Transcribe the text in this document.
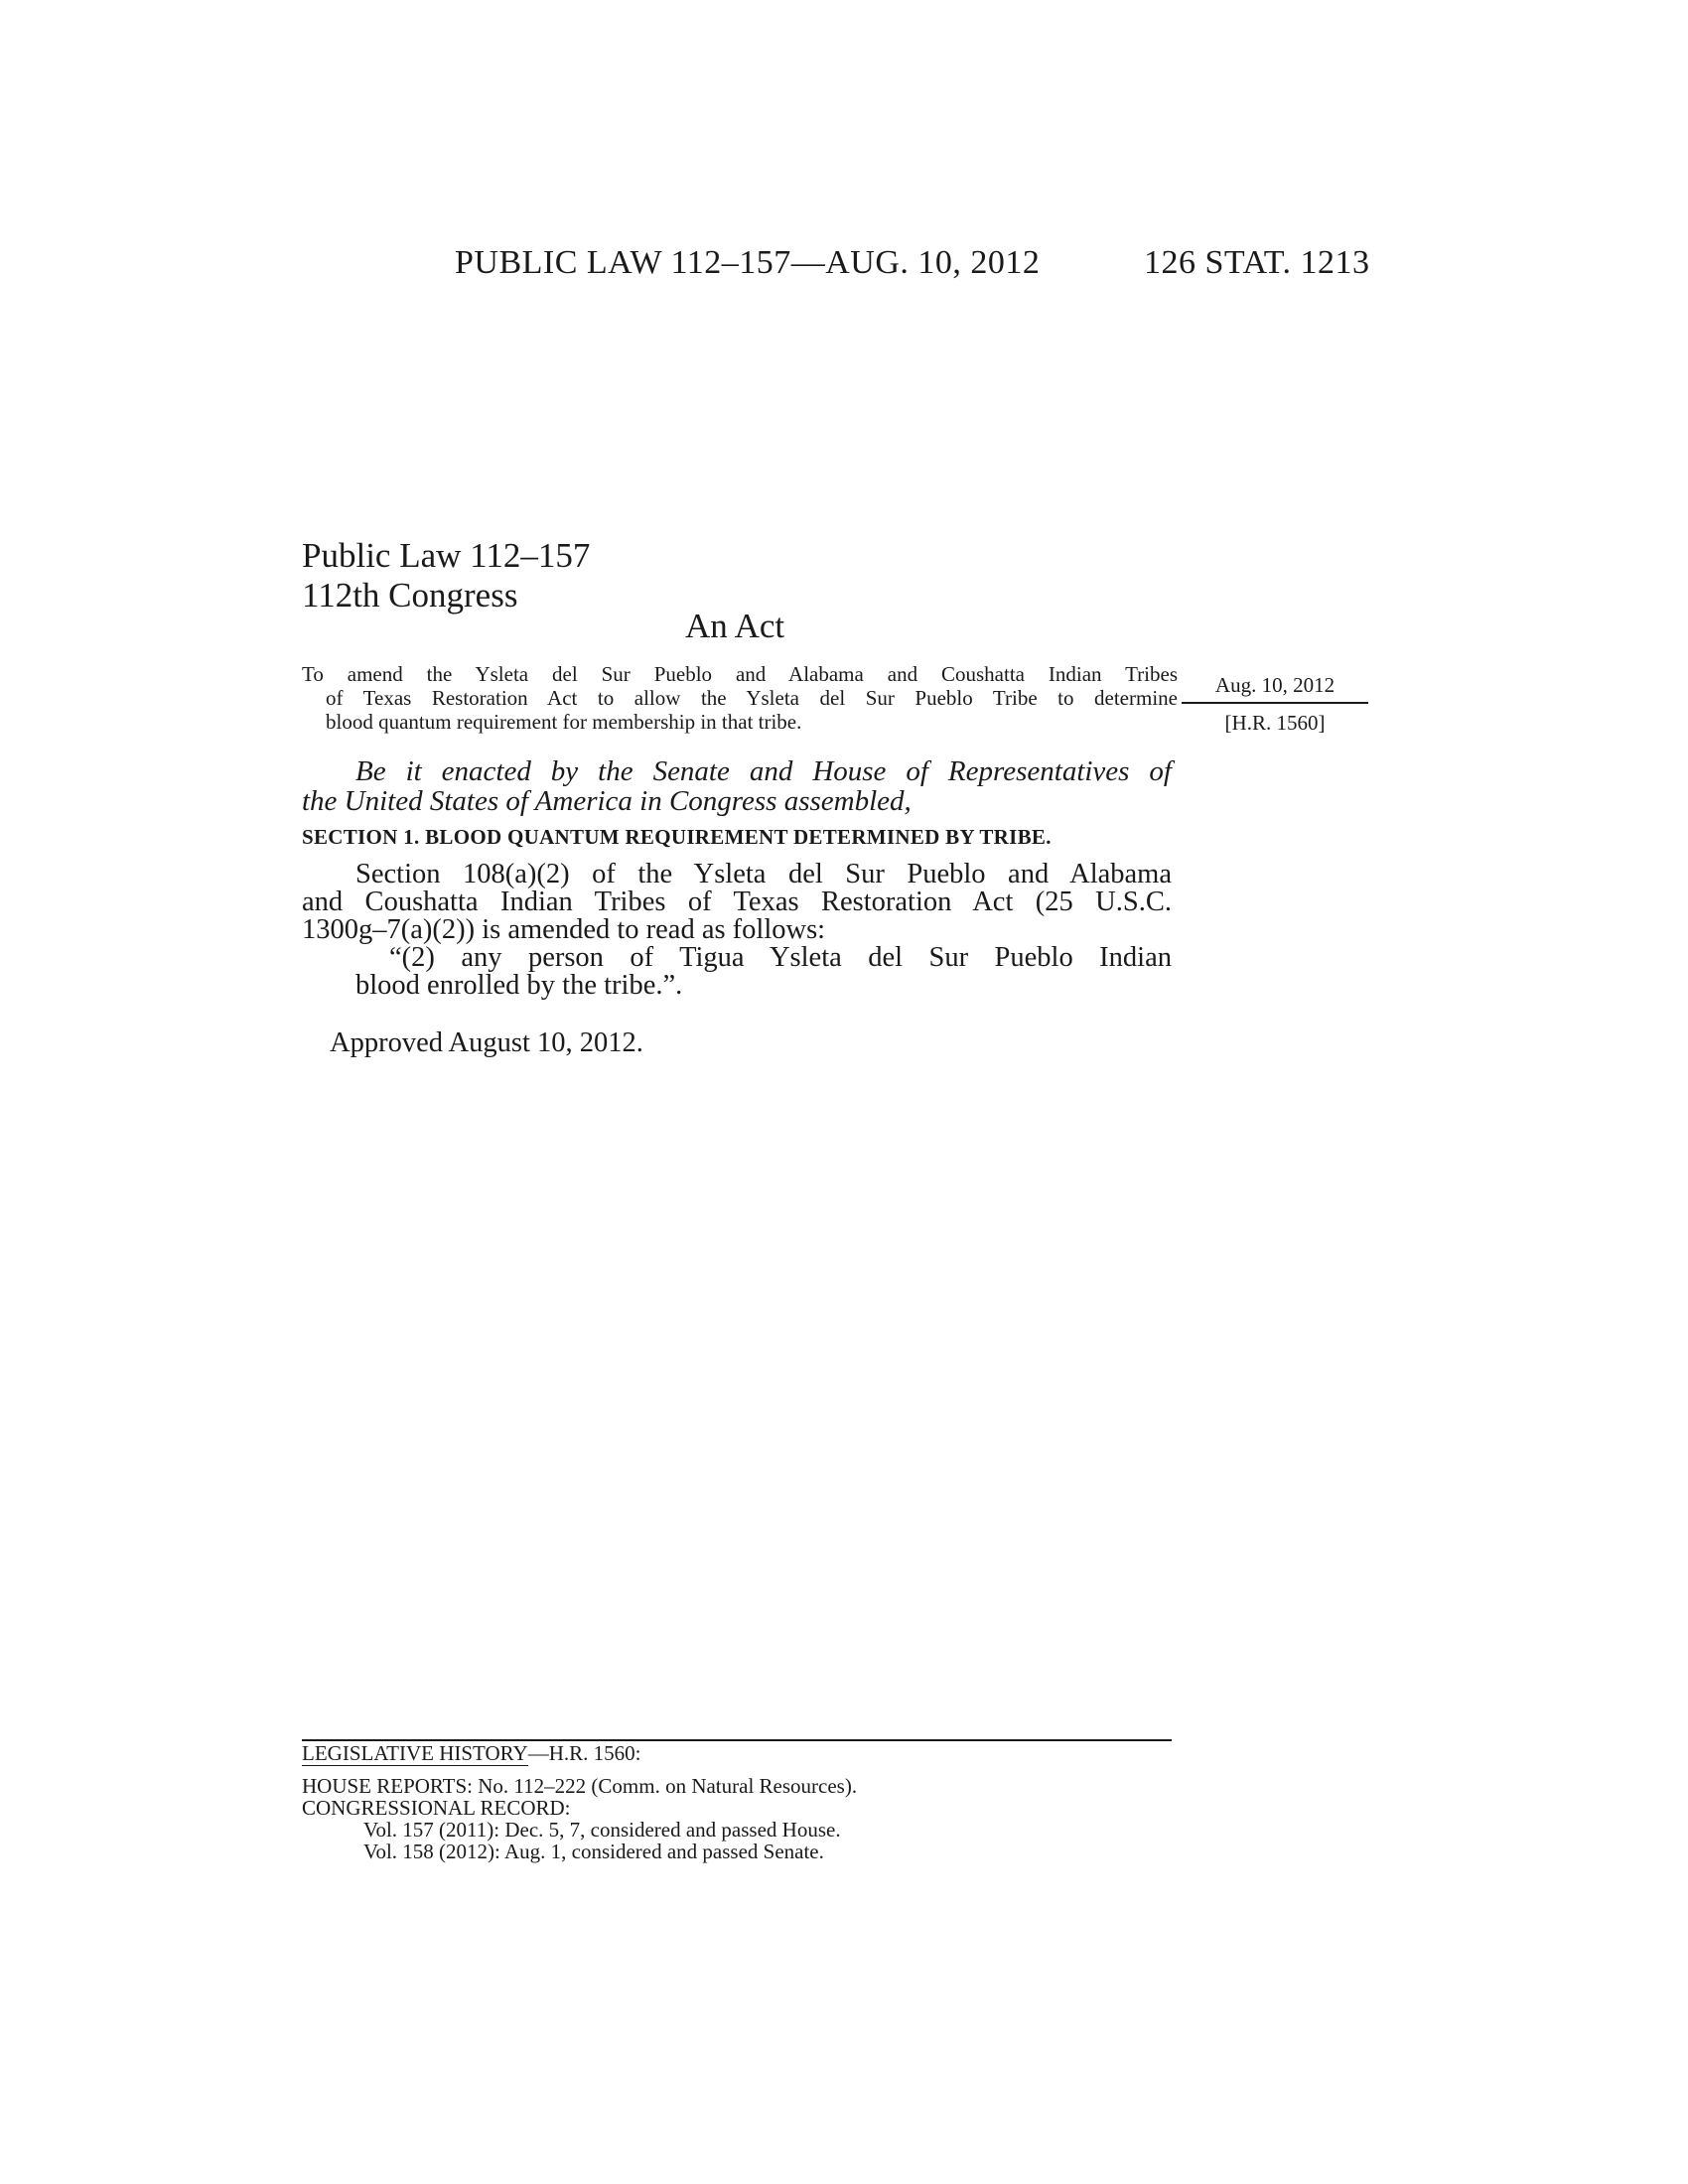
PUBLIC LAW 112–157—AUG. 10, 2012	126 STAT. 1213
Public Law 112–157
112th Congress
An Act
To amend the Ysleta del Sur Pueblo and Alabama and Coushatta Indian Tribes
of Texas Restoration Act to allow the Ysleta del Sur Pueblo Tribe to determine
blood quantum requirement for membership in that tribe.
Aug. 10, 2012
[H.R. 1560]
Be it enacted by the Senate and House of Representatives of
the United States of America in Congress assembled,
SECTION 1. BLOOD QUANTUM REQUIREMENT DETERMINED BY TRIBE.
Section 108(a)(2) of the Ysleta del Sur Pueblo and Alabama
and Coushatta Indian Tribes of Texas Restoration Act (25 U.S.C.
1300g–7(a)(2)) is amended to read as follows:
“(2) any person of Tigua Ysleta del Sur Pueblo Indian
blood enrolled by the tribe.”.
Approved August 10, 2012.
LEGISLATIVE HISTORY—H.R. 1560:
HOUSE REPORTS: No. 112–222 (Comm. on Natural Resources).
CONGRESSIONAL RECORD:
Vol. 157 (2011): Dec. 5, 7, considered and passed House.
Vol. 158 (2012): Aug. 1, considered and passed Senate.
